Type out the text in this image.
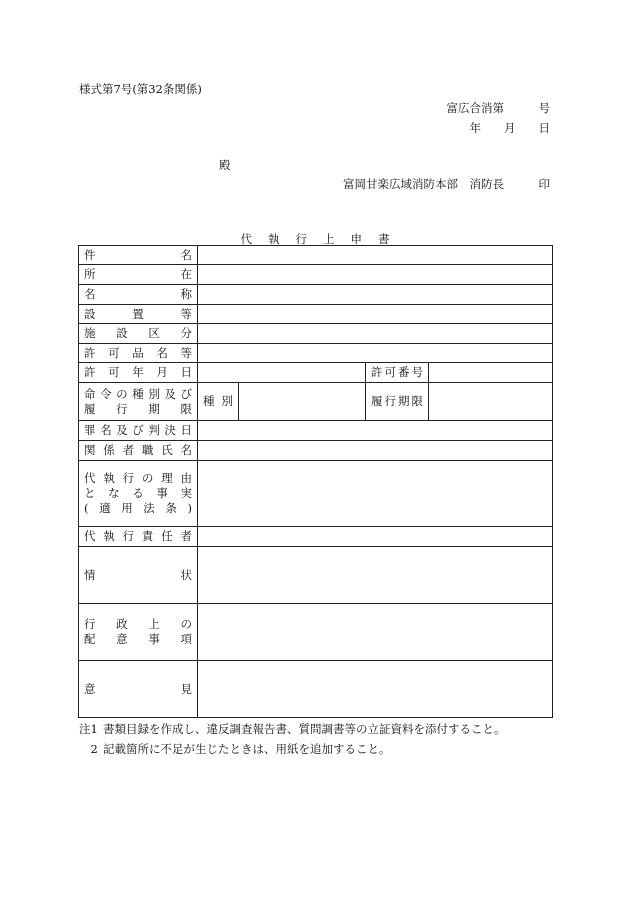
様式第7号(第32条関係)
富広合消第　　　号
年　　月　　日
殿
富岡甘楽広域消防本部　消防長　　　印
代執行上申書
件名				
所在				
名称				
設置等				
施設区分				
許可品名等				
許可年月日			許可番号	

命令の種別及び
履行期限	種別		履行期限	
罪名及び判決日				
関係者職氏名				

代執行の理由
となる事実
(適用法条)				

代執行責任者				
情状				

行政上の
配意事項				

意見				
注1 書類目録を作成し、違反調査報告書、質問調書等の立証資料を添付すること。
　2 記載箇所に不足が生じたときは、用紙を追加すること。
